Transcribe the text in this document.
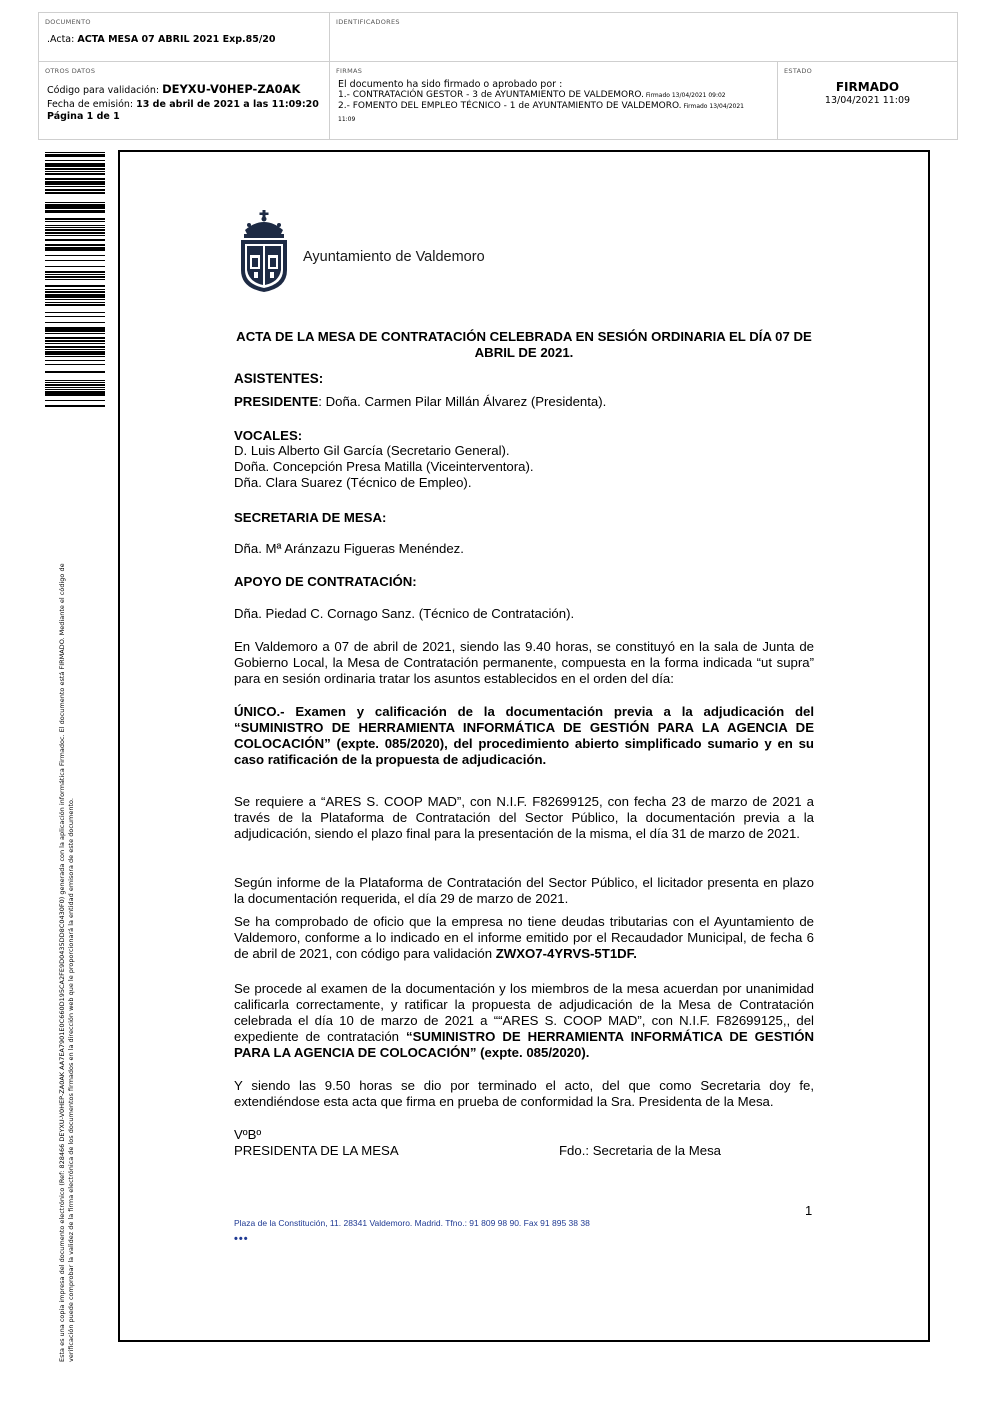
DOCUMENTO
.Acta: ACTA MESA 07 ABRIL 2021 Exp.85/20
IDENTIFICADORES
OTROS DATOS
Código para validación: DEYXU-V0HEP-ZA0AK
Fecha de emisión: 13 de abril de 2021 a las 11:09:20
Página 1 de 1
FIRMAS
El documento ha sido firmado o aprobado por :
1.- CONTRATACIÓN GESTOR - 3 de AYUNTAMIENTO DE VALDEMORO. Firmado 13/04/2021 09:02
2.- FOMENTO DEL EMPLEO TÉCNICO - 1 de AYUNTAMIENTO DE VALDEMORO. Firmado 13/04/2021
11:09
ESTADO
FIRMADO
13/04/2021 11:09
Esta es una copia impresa del documento electrónico (Ref: 828466 DEYXU-V0HEP-ZA0AK AA7EA7901E0C660D195CA2FE9D0435DD8C0430F0) generada con la aplicación informática Firmadoc. El documento está FIRMADO. Mediante el código de verificación puede comprobar la validez de la firma electrónica de los documentos firmados en la dirección web que le proporcionará la entidad emisora de este documento.
Ayuntamiento de Valdemoro
ACTA DE LA MESA DE CONTRATACIÓN CELEBRADA EN SESIÓN ORDINARIA EL DÍA 07 DE ABRIL DE 2021.
ASISTENTES:
PRESIDENTE: Doña. Carmen Pilar Millán Álvarez (Presidenta).
VOCALES:
D. Luis Alberto Gil García (Secretario General).
Doña. Concepción Presa Matilla (Viceinterventora).
Dña. Clara Suarez (Técnico de Empleo).
SECRETARIA DE MESA:
Dña. Mª Aránzazu Figueras Menéndez.
APOYO DE CONTRATACIÓN:
Dña. Piedad C. Cornago Sanz. (Técnico de Contratación).
En Valdemoro a 07 de abril de 2021, siendo las 9.40 horas, se constituyó en la sala de Junta de Gobierno Local, la Mesa de Contratación permanente, compuesta en la forma indicada “ut supra” para en sesión ordinaria tratar los asuntos establecidos en el orden del día:
ÚNICO.- Examen y calificación de la documentación previa a la adjudicación del “SUMINISTRO DE HERRAMIENTA INFORMÁTICA DE GESTIÓN PARA LA AGENCIA DE COLOCACIÓN” (expte. 085/2020), del procedimiento abierto simplificado sumario y en su caso ratificación de la propuesta de adjudicación.
Se requiere a “ARES S. COOP MAD”, con N.I.F. F82699125, con fecha 23 de marzo de 2021 a través de la Plataforma de Contratación del Sector Público, la documentación previa a la adjudicación, siendo el plazo final para la presentación de la misma, el día 31 de marzo de 2021.
Según informe de la Plataforma de Contratación del Sector Público, el licitador presenta en plazo la documentación requerida, el día 29 de marzo de 2021.
Se ha comprobado de oficio que la empresa no tiene deudas tributarias con el Ayuntamiento de Valdemoro, conforme a lo indicado en el informe emitido por el Recaudador Municipal, de fecha 6 de abril de 2021, con código para validación ZWXO7-4YRVS-5T1DF.
Se procede al examen de la documentación y los miembros de la mesa acuerdan por unanimidad calificarla correctamente, y ratificar la propuesta de adjudicación de la Mesa de Contratación celebrada el día 10 de marzo de 2021 a ““ARES S. COOP MAD”, con N.I.F. F82699125,, del expediente de contratación “SUMINISTRO DE HERRAMIENTA INFORMÁTICA DE GESTIÓN PARA LA AGENCIA DE COLOCACIÓN” (expte. 085/2020).
Y siendo las 9.50 horas se dio por terminado el acto, del que como Secretaria doy fe, extendiéndose esta acta que firma en prueba de conformidad la Sra. Presidenta de la Mesa.
VºBº
PRESIDENTA DE LA MESA	Fdo.: Secretaria de la Mesa
1
Plaza de la Constitución, 11. 28341 Valdemoro. Madrid. Tfno.: 91 809 98 90. Fax 91 895 38 38
•••
